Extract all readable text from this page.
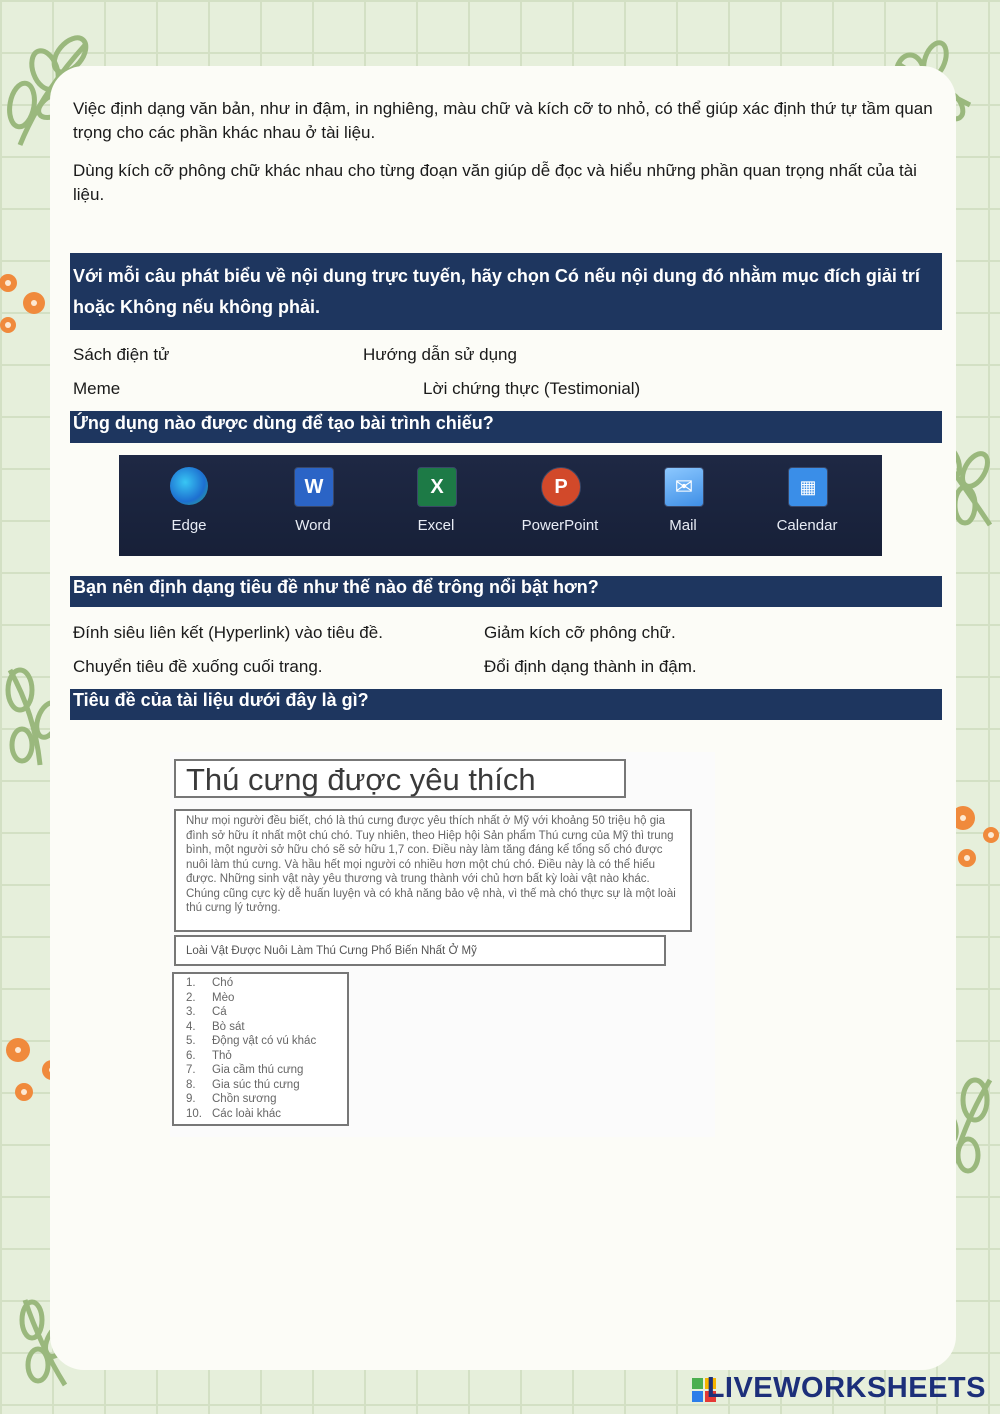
Việc định dạng văn bản, như in đậm, in nghiêng, màu chữ và kích cỡ to nhỏ, có thể giúp xác định thứ tự tầm quan trọng cho các phần khác nhau ở tài liệu.
Dùng kích cỡ phông chữ khác nhau cho từng đoạn văn giúp dễ đọc và hiểu những phần quan trọng nhất của tài liệu.
Với mỗi câu phát biểu về nội dung trực tuyến, hãy chọn Có nếu nội dung đó nhằm mục đích giải trí hoặc Không nếu không phải.
Sách điện tử	Hướng dẫn sử dụng
Meme	Lời chứng thực (Testimonial)
Ứng dụng nào được dùng để tạo bài trình chiếu?
Edge
W
Word
X
Excel
P
PowerPoint
✉
Mail
▦
Calendar
Bạn nên định dạng tiêu đề như thế nào để trông nổi bật hơn?
Đính siêu liên kết (Hyperlink) vào tiêu đề.	Giảm kích cỡ phông chữ.
Chuyển tiêu đề xuống cuối trang.	Đổi định dạng thành in đậm.
Tiêu đề của tài liệu dưới đây là gì?
Thú cưng được yêu thích
Như mọi người đều biết, chó là thú cưng được yêu thích nhất ở Mỹ với khoảng 50 triệu hộ gia đình sở hữu ít nhất một chú chó. Tuy nhiên, theo Hiệp hội Sản phẩm Thú cưng của Mỹ thì trung bình, một người sở hữu chó sẽ sở hữu 1,7 con. Điều này làm tăng đáng kể tổng số chó được nuôi làm thú cưng. Và hầu hết mọi người có nhiều hơn một chú chó. Điều này là có thể hiểu được. Những sinh vật này yêu thương và trung thành với chủ hơn bất kỳ loài vật nào khác. Chúng cũng cực kỳ dễ huấn luyện và có khả năng bảo vệ nhà, vì thế mà chó thực sự là một loài thú cưng lý tưởng.
Loài Vật Được Nuôi Làm Thú Cưng Phổ Biến Nhất Ở Mỹ
1. Chó
2. Mèo
3. Cá
4. Bò sát
5. Động vật có vú khác
6. Thỏ
7. Gia cầm thú cưng
8. Gia súc thú cưng
9. Chồn sương
10. Các loài khác
LIVEWORKSHEETS
